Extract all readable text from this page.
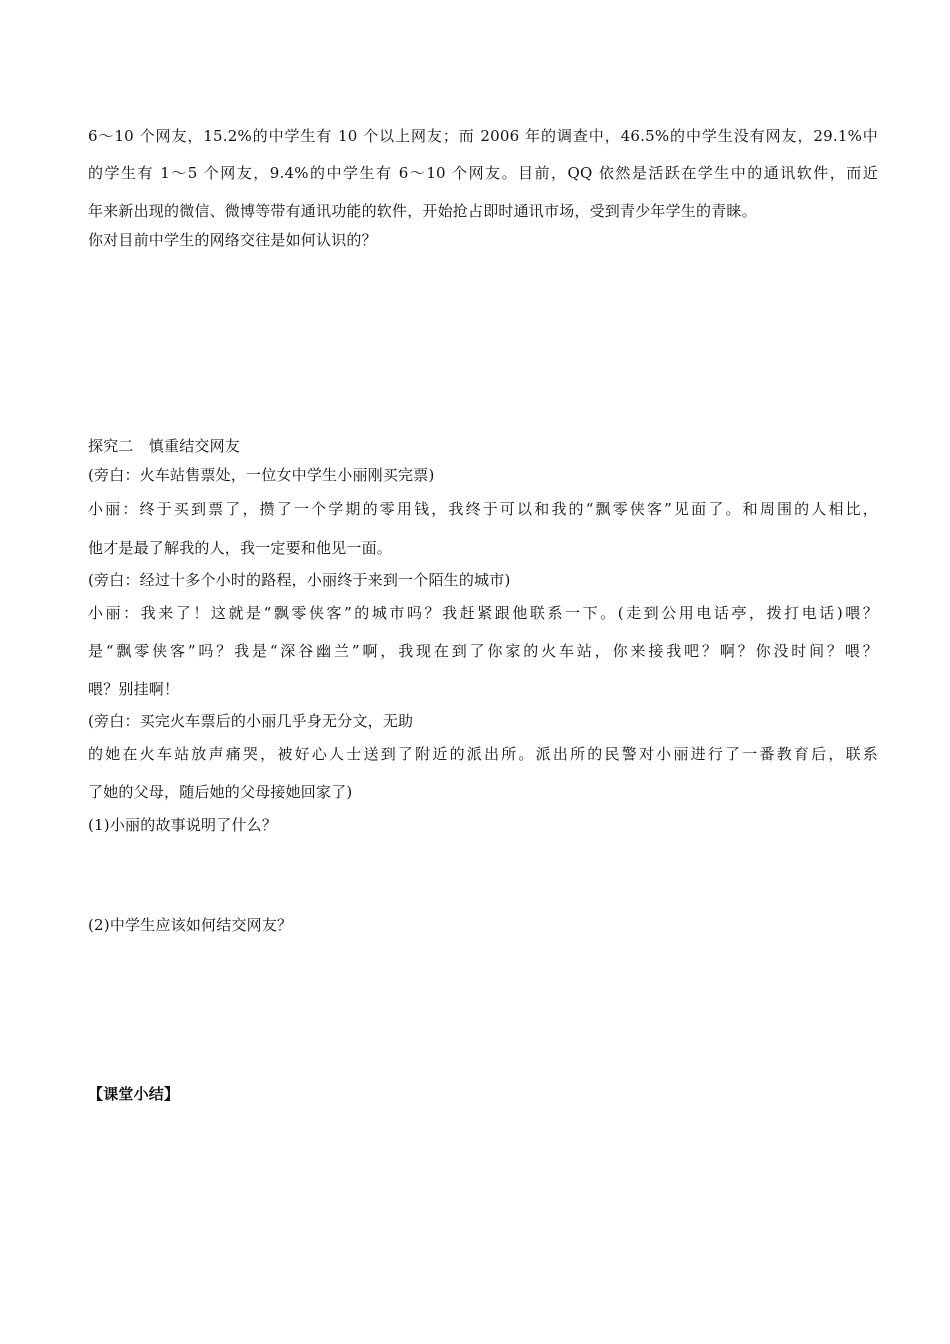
6～10 个网友，15.2%的中学生有 10 个以上网友；而 2006 年的调查中，46.5%的中学生没有网友，29.1%中
的学生有 1～5 个网友，9.4%的中学生有 6～10 个网友。目前，QQ 依然是活跃在学生中的通讯软件，而近
年来新出现的微信、微博等带有通讯功能的软件，开始抢占即时通讯市场，受到青少年学生的青睐。
你对目前中学生的网络交往是如何认识的？
探究二　慎重结交网友
(旁白：火车站售票处，一位女中学生小丽刚买完票)
小丽：终于买到票了，攒了一个学期的零用钱，我终于可以和我的“飘零侠客”见面了。和周围的人相比，
他才是最了解我的人，我一定要和他见一面。
(旁白：经过十多个小时的路程，小丽终于来到一个陌生的城市)
小丽：我来了！这就是“飘零侠客”的城市吗？我赶紧跟他联系一下。(走到公用电话亭，拨打电话)喂？
是“飘零侠客”吗？我是“深谷幽兰”啊，我现在到了你家的火车站，你来接我吧？啊？你没时间？喂？
喂？别挂啊！
(旁白：买完火车票后的小丽几乎身无分文，无助
的她在火车站放声痛哭，被好心人士送到了附近的派出所。派出所的民警对小丽进行了一番教育后，联系
了她的父母，随后她的父母接她回家了)
(1)小丽的故事说明了什么？
(2)中学生应该如何结交网友？
【课堂小结】
